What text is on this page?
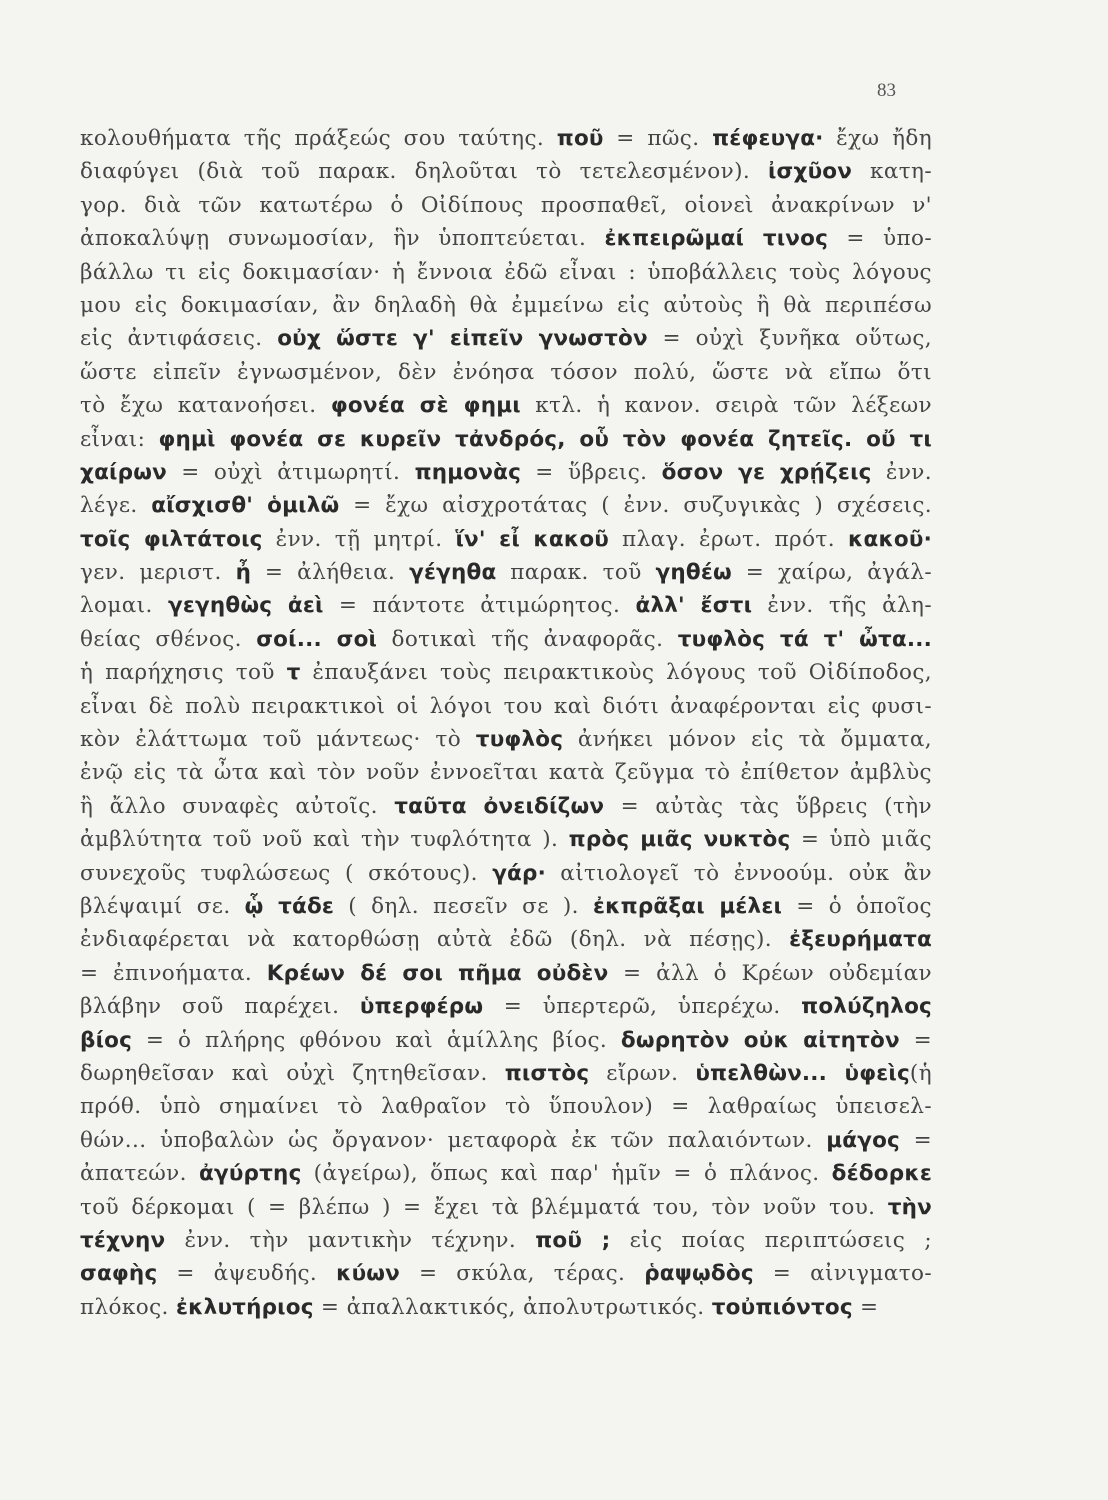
83
κολουθήματα τῆς πράξεώς σου ταύτης. ποῦ = πῶς. πέφευγα· ἔχω ἤδη
διαφύγει (διὰ τοῦ παρακ. δηλοῦται τὸ τετελεσμένον). ἰσχῦον κατη-
γορ. διὰ τῶν κατωτέρω ὁ Οἰδίπους προσπαθεῖ, οἱονεὶ ἀνακρίνων ν'
ἀποκαλύψῃ συνωμοσίαν, ἣν ὑποπτεύεται. ἐκπειρῶμαί τινος = ὑπο-
βάλλω τι εἰς δοκιμασίαν· ἡ ἔννοια ἐδῶ εἶναι : ὑποβάλλεις τοὺς λόγους
μου εἰς δοκιμασίαν, ἂν δηλαδὴ θὰ ἐμμείνω εἰς αὐτοὺς ἢ θὰ περιπέσω
εἰς ἀντιφάσεις. οὐχ ὥστε γ' εἰπεῖν γνωστὸν = οὐχὶ ξυνῆκα οὕτως,
ὥστε εἰπεῖν ἐγνωσμένον, δὲν ἐνόησα τόσον πολύ, ὥστε νὰ εἴπω ὅτι
τὸ ἔχω κατανοήσει. φονέα σὲ φημι κτλ. ἡ κανον. σειρὰ τῶν λέξεων
εἶναι: φημὶ φονέα σε κυρεῖν τἀνδρός, οὗ τὸν φονέα ζητεῖς. οὔ τι
χαίρων = οὐχὶ ἀτιμωρητί. πημονὰς = ὕβρεις. ὅσον γε χρῄζεις ἐνν.
λέγε. αἴσχισθ' ὁμιλῶ = ἔχω αἰσχροτάτας ( ἐνν. συζυγικὰς ) σχέσεις.
τοῖς φιλτάτοις ἐνν. τῇ μητρί. ἵν' εἶ κακοῦ πλαγ. ἐρωτ. πρότ. κακοῦ·
γεν. μεριστ. ἦ = ἀλήθεια. γέγηθα παρακ. τοῦ γηθέω = χαίρω, ἀγάλ-
λομαι. γεγηθὼς ἀεὶ = πάντοτε ἀτιμώρητος. ἀλλ' ἔστι ἐνν. τῆς ἀλη-
θείας σθένος. σοί... σοὶ δοτικαὶ τῆς ἀναφορᾶς. τυφλὸς τά τ' ὦτα...
ἡ παρήχησις τοῦ τ ἐπαυξάνει τοὺς πειρακτικοὺς λόγους τοῦ Οἰδίποδος,
εἶναι δὲ πολὺ πειρακτικοὶ οἱ λόγοι του καὶ διότι ἀναφέρονται εἰς φυσι-
κὸν ἐλάττωμα τοῦ μάντεως· τὸ τυφλὸς ἀνήκει μόνον εἰς τὰ ὄμματα,
ἐνῷ εἰς τὰ ὦτα καὶ τὸν νοῦν ἐννοεῖται κατὰ ζεῦγμα τὸ ἐπίθετον ἀμβλὺς
ἢ ἄλλο συναφὲς αὐτοῖς. ταῦτα ὀνειδίζων = αὐτὰς τὰς ὕβρεις (τὴν
ἀμβλύτητα τοῦ νοῦ καὶ τὴν τυφλότητα ). πρὸς μιᾶς νυκτὸς = ὑπὸ μιᾶς
συνεχοῦς τυφλώσεως ( σκότους). γάρ· αἰτιολογεῖ τὸ ἐννοούμ. οὐκ ἂν
βλέψαιμί σε. ᾧ τάδε ( δηλ. πεσεῖν σε ). ἐκπρᾶξαι μέλει = ὁ ὁποῖος
ἐνδιαφέρεται νὰ κατορθώσῃ αὐτὰ ἐδῶ (δηλ. νὰ πέσῃς). ἐξευρήματα
= ἐπινοήματα. Κρέων δέ σοι πῆμα οὐδὲν = ἀλλ ὁ Κρέων οὐδεμίαν
βλάβην σοῦ παρέχει. ὑπερφέρω = ὑπερτερῶ, ὑπερέχω. πολύζηλος
βίος = ὁ πλήρης φθόνου καὶ ἁμίλλης βίος. δωρητὸν οὐκ αἰτητὸν =
δωρηθεῖσαν καὶ οὐχὶ ζητηθεῖσαν. πιστὸς εἴρων. ὑπελθὼν... ὑφεὶς(ἡ
πρόθ. ὑπὸ σημαίνει τὸ λαθραῖον τὸ ὕπουλον) = λαθραίως ὑπεισελ-
θών... ὑποβαλὼν ὡς ὄργανον· μεταφορὰ ἐκ τῶν παλαιόντων. μάγος =
ἀπατεών. ἀγύρτης (ἀγείρω), ὅπως καὶ παρ' ἡμῖν = ὁ πλάνος. δέδορκε
τοῦ δέρκομαι ( = βλέπω ) = ἔχει τὰ βλέμματά του, τὸν νοῦν του. τὴν
τέχνην ἐνν. τὴν μαντικὴν τέχνην. ποῦ ; εἰς ποίας περιπτώσεις ;
σαφὴς = ἀψευδής. κύων = σκύλα, τέρας. ῥαψῳδὸς = αἰνιγματο-
πλόκος. ἐκλυτήριος = ἀπαλλακτικός, ἀπολυτρωτικός. τοὐπιόντος =
